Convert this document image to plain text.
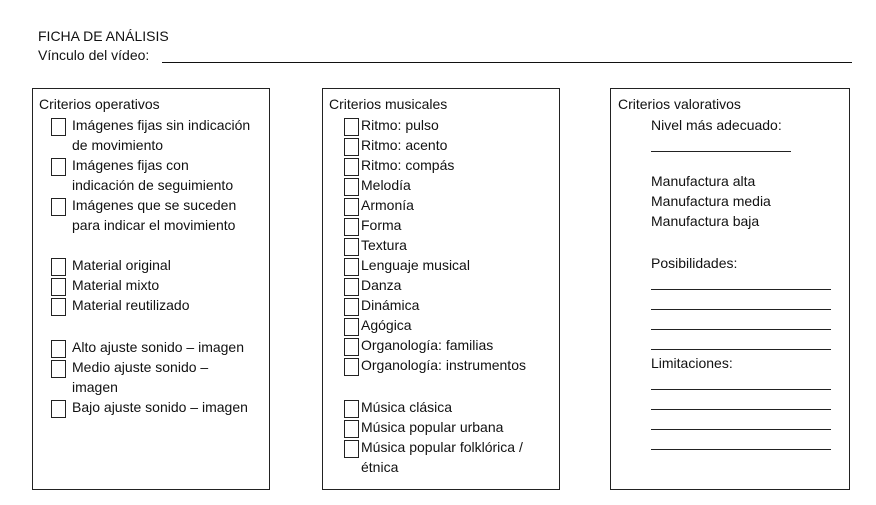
FICHA DE ANÁLISIS
Vínculo del vídeo:
Criterios operativos
Imágenes fijas sin indicación
de movimiento
Imágenes fijas con
indicación de seguimiento
Imágenes que se suceden
para indicar el movimiento
Material original
Material mixto
Material reutilizado
Alto ajuste sonido – imagen
Medio ajuste sonido –
imagen
Bajo ajuste sonido – imagen
Criterios musicales
Ritmo: pulso
Ritmo: acento
Ritmo: compás
Melodía
Armonía
Forma
Textura
Lenguaje musical
Danza
Dinámica
Agógica
Organología: familias
Organología: instrumentos
Música clásica
Música popular urbana
Música popular folklórica /
étnica
Criterios valorativos
Nivel más adecuado:
Manufactura alta
Manufactura media
Manufactura baja
Posibilidades:
Limitaciones:
